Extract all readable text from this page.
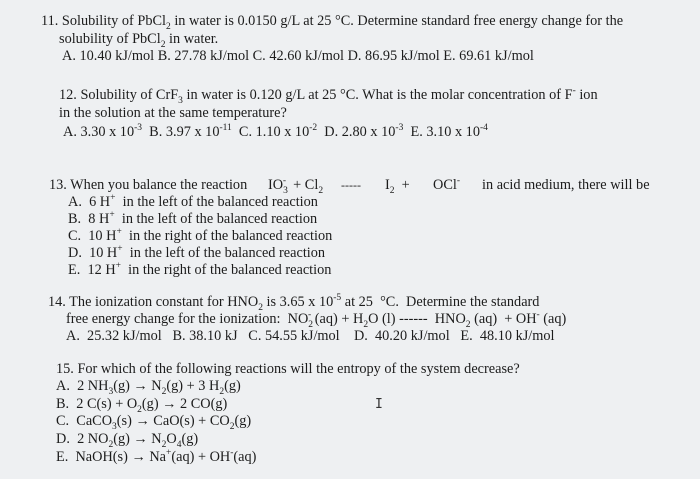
11. Solubility of PbCl$_2$ in water is 0.0150 g/L at 25 °C. Determine standard free energy change for the
solubility of PbCl$_2$ in water.
A. 10.40 kJ/mol B. 27.78 kJ/mol C. 42.60 kJ/mol D. 86.95 kJ/mol E. 69.61 kJ/mol
12. Solubility of CrF$_3$ in water is 0.120 g/L at 25 °C. What is the molar concentration of F- ion
in the solution at the same temperature?
A. 3.30 x $10^{-3}$  B. 3.97 x $10^{-11}$  C. 1.10 x $10^{-2}$  D. 2.80 x $10^{-3}$  E. 3.10 x $10^{-4}$
13. When you balance the reaction $IO_3^- + Cl_2$ ----- $I_2 + OCl^-$ in acid medium, there will be
A. 6 H+  in the left of the balanced reaction
B. 8 H+  in the left of the balanced reaction
C. 10 H+  in the right of the balanced reaction
D. 10 H+  in the left of the balanced reaction
E. 12 H+  in the right of the balanced reaction
14. The ionization constant for $HNO_2$ is 3.65 x $10^{-5}$ at 25  °C.  Determine the standard
free energy change for the ionization:  $NO_2^-$ $(aq) + H_2O$ (l) ------  $HNO_2$ (aq)  + OH- (aq)
A.  25.32 kJ/mol   B. 38.10 kJ   C. 54.55 kJ/mol    D.  40.20 kJ/mol   E.  48.10 kJ/mol
15. For which of the following reactions will the entropy of the system decrease?
A. 2 $NH_3(g) \to N_2(g) + 3$ $H_2(g)$
B. 2 $C(s) + O_2(g) \to 2$ CO(g)
C. CaCO$_3$(s) → $CaO(s) + CO_2(g)$
D. 2 $NO_2(g) \to N_2O_4(g)$
E. NaOH(s) → Na+(aq) + OH-(aq)
I
